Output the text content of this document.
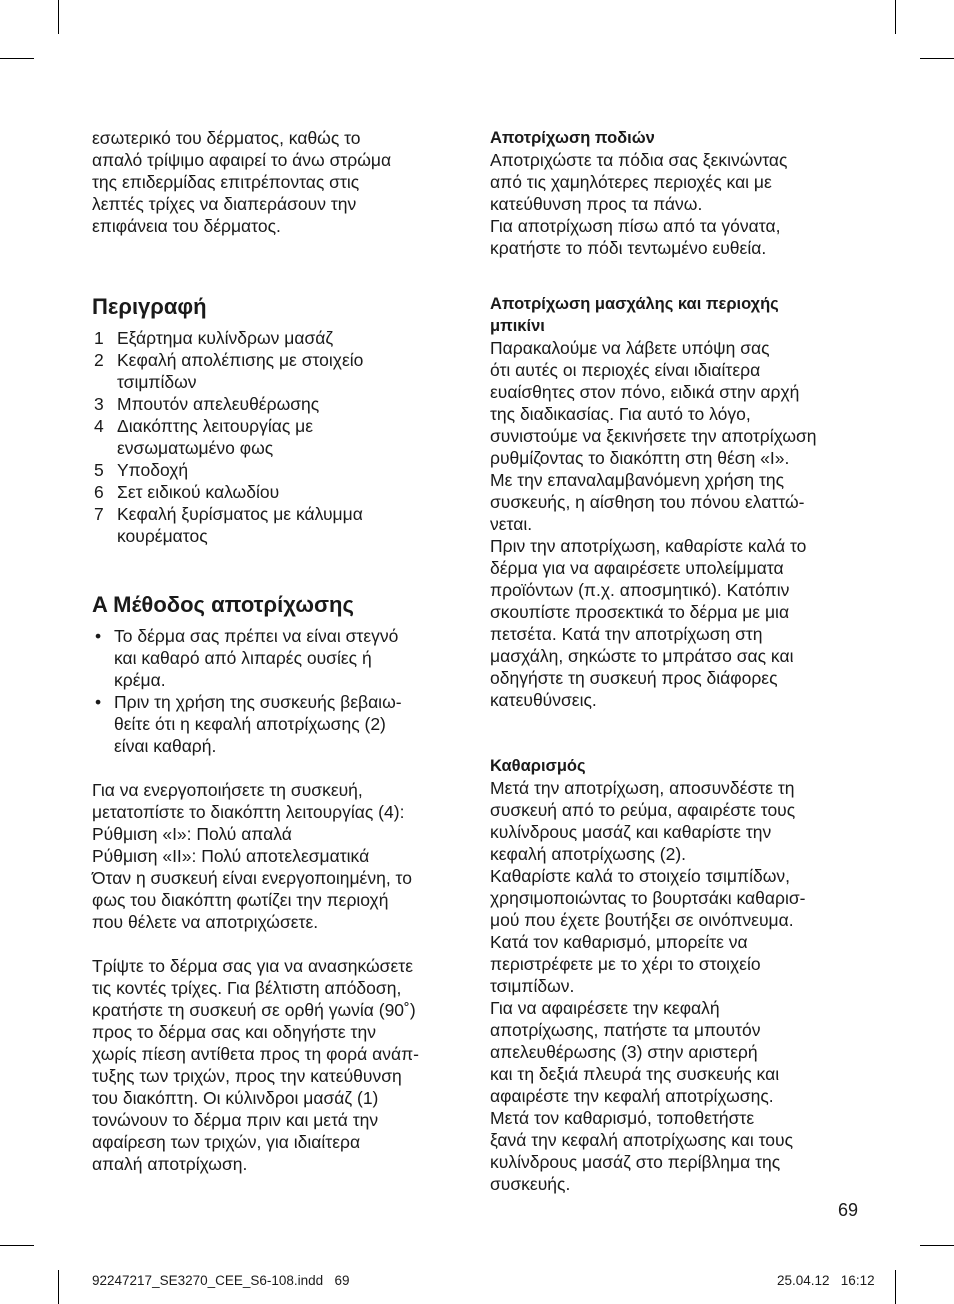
εσωτερικό του δέρματος, καθώς το

απαλό τρίψιμο αφαιρεί το άνω στρώμα

της επιδερμίδας επιτρέποντας στις

λεπτές τρίχες να διαπεράσουν την

επιφάνεια του δέρματος.

Περιγραφή
1 Εξάρτημα κυλίνδρων μασάζ
2 Κεφαλή απολέπισης με στοιχείο
τσιμπίδων
3 Μπουτόν απελευθέρωσης
4 Διακόπτης λειτουργίας με
ενσωματωμένο φως
5 Υποδοχή
6 Σετ ειδικού καλωδίου
7 Κεφαλή ξυρίσματος με κάλυμμα
κουρέματος
A Μέθοδος αποτρίχωσης
• Το δέρμα σας πρέπει να είναι στεγνό
και καθαρό από λιπαρές ουσίες ή
κρέμα.
• Πριν τη χρήση της συσκευής βεβαιω-
θείτε ότι η κεφαλή αποτρίχωσης (2)
είναι καθαρή.

Για να ενεργοποιήσετε τη συσκευή,

μετατοπίστε το διακόπτη λειτουργίας (4):

Ρύθμιση «I»: Πολύ απαλά

Ρύθμιση «II»: Πολύ αποτελεσματικά

Όταν η συσκευή είναι ενεργοποιημένη, το

φως του διακόπτη φωτίζει την περιοχή

που θέλετε να αποτριχώσετε.

Τρίψτε το δέρμα σας για να ανασηκώσετε

τις κοντές τρίχες. Για βέλτιστη απόδοση,

κρατήστε τη συσκευή σε ορθή γωνία (90˚)

προς το δέρμα σας και οδηγήστε την

χωρίς πίεση αντίθετα προς τη φορά ανάπ-

τυξης των τριχών, προς την κατεύθυνση

του διακόπτη. Οι κύλινδροι μασάζ (1)

τονώνουν το δέρμα πριν και μετά την

αφαίρεση των τριχών, για ιδιαίτερα

απαλή αποτρίχωση.

Αποτρίχωση ποδιών

Αποτριχώστε τα πόδια σας ξεκινώντας

από τις χαμηλότερες περιοχές και με

κατεύθυνση προς τα πάνω.

Για αποτρίχωση πίσω από τα γόνατα,

κρατήστε το πόδι τεντωμένο ευθεία.

Αποτρίχωση μασχάλης και περιοχής

μπικίνι

Παρακαλούμε να λάβετε υπόψη σας

ότι αυτές οι περιοχές είναι ιδιαίτερα

ευαίσθητες στον πόνο, ειδικά στην αρχή

της διαδικασίας. Για αυτό το λόγο,

συνιστούμε να ξεκινήσετε την αποτρίχωση

ρυθμίζοντας το διακόπτη στη θέση «I».

Με την επαναλαμβανόμενη χρήση της

συσκευής, η αίσθηση του πόνου ελαττώ-

νεται.

Πριν την αποτρίχωση, καθαρίστε καλά το

δέρμα για να αφαιρέσετε υπολείμματα

προϊόντων (π.χ. αποσμητικό). Κατόπιν

σκουπίστε προσεκτικά το δέρμα με μια

πετσέτα. Κατά την αποτρίχωση στη

μασχάλη, σηκώστε το μπράτσο σας και

οδηγήστε τη συσκευή προς διάφορες

κατευθύνσεις.

Καθαρισμός

Μετά την αποτρίχωση, αποσυνδέστε τη

συσκευή από το ρεύμα, αφαιρέστε τους

κυλίνδρους μασάζ και καθαρίστε την

κεφαλή αποτρίχωσης (2).

Καθαρίστε καλά το στοιχείο τσιμπίδων,

χρησιμοποιώντας το βουρτσάκι καθαρισ-

μού που έχετε βουτήξει σε οινόπνευμα.

Κατά τον καθαρισμό, μπορείτε να

περιστρέφετε με το χέρι το στοιχείο

τσιμπίδων.

Για να αφαιρέσετε την κεφαλή

αποτρίχωσης, πατήστε τα μπουτόν

απελευθέρωσης (3) στην αριστερή

και τη δεξιά πλευρά της συσκευής και

αφαιρέστε την κεφαλή αποτρίχωσης.

Μετά τον καθαρισμό, τοποθετήστε

ξανά την κεφαλή αποτρίχωσης και τους

κυλίνδρους μασάζ στο περίβλημα της

συσκευής.

69
92247217_SE3270_CEE_S6-108.indd   69	25.04.12   16:12
